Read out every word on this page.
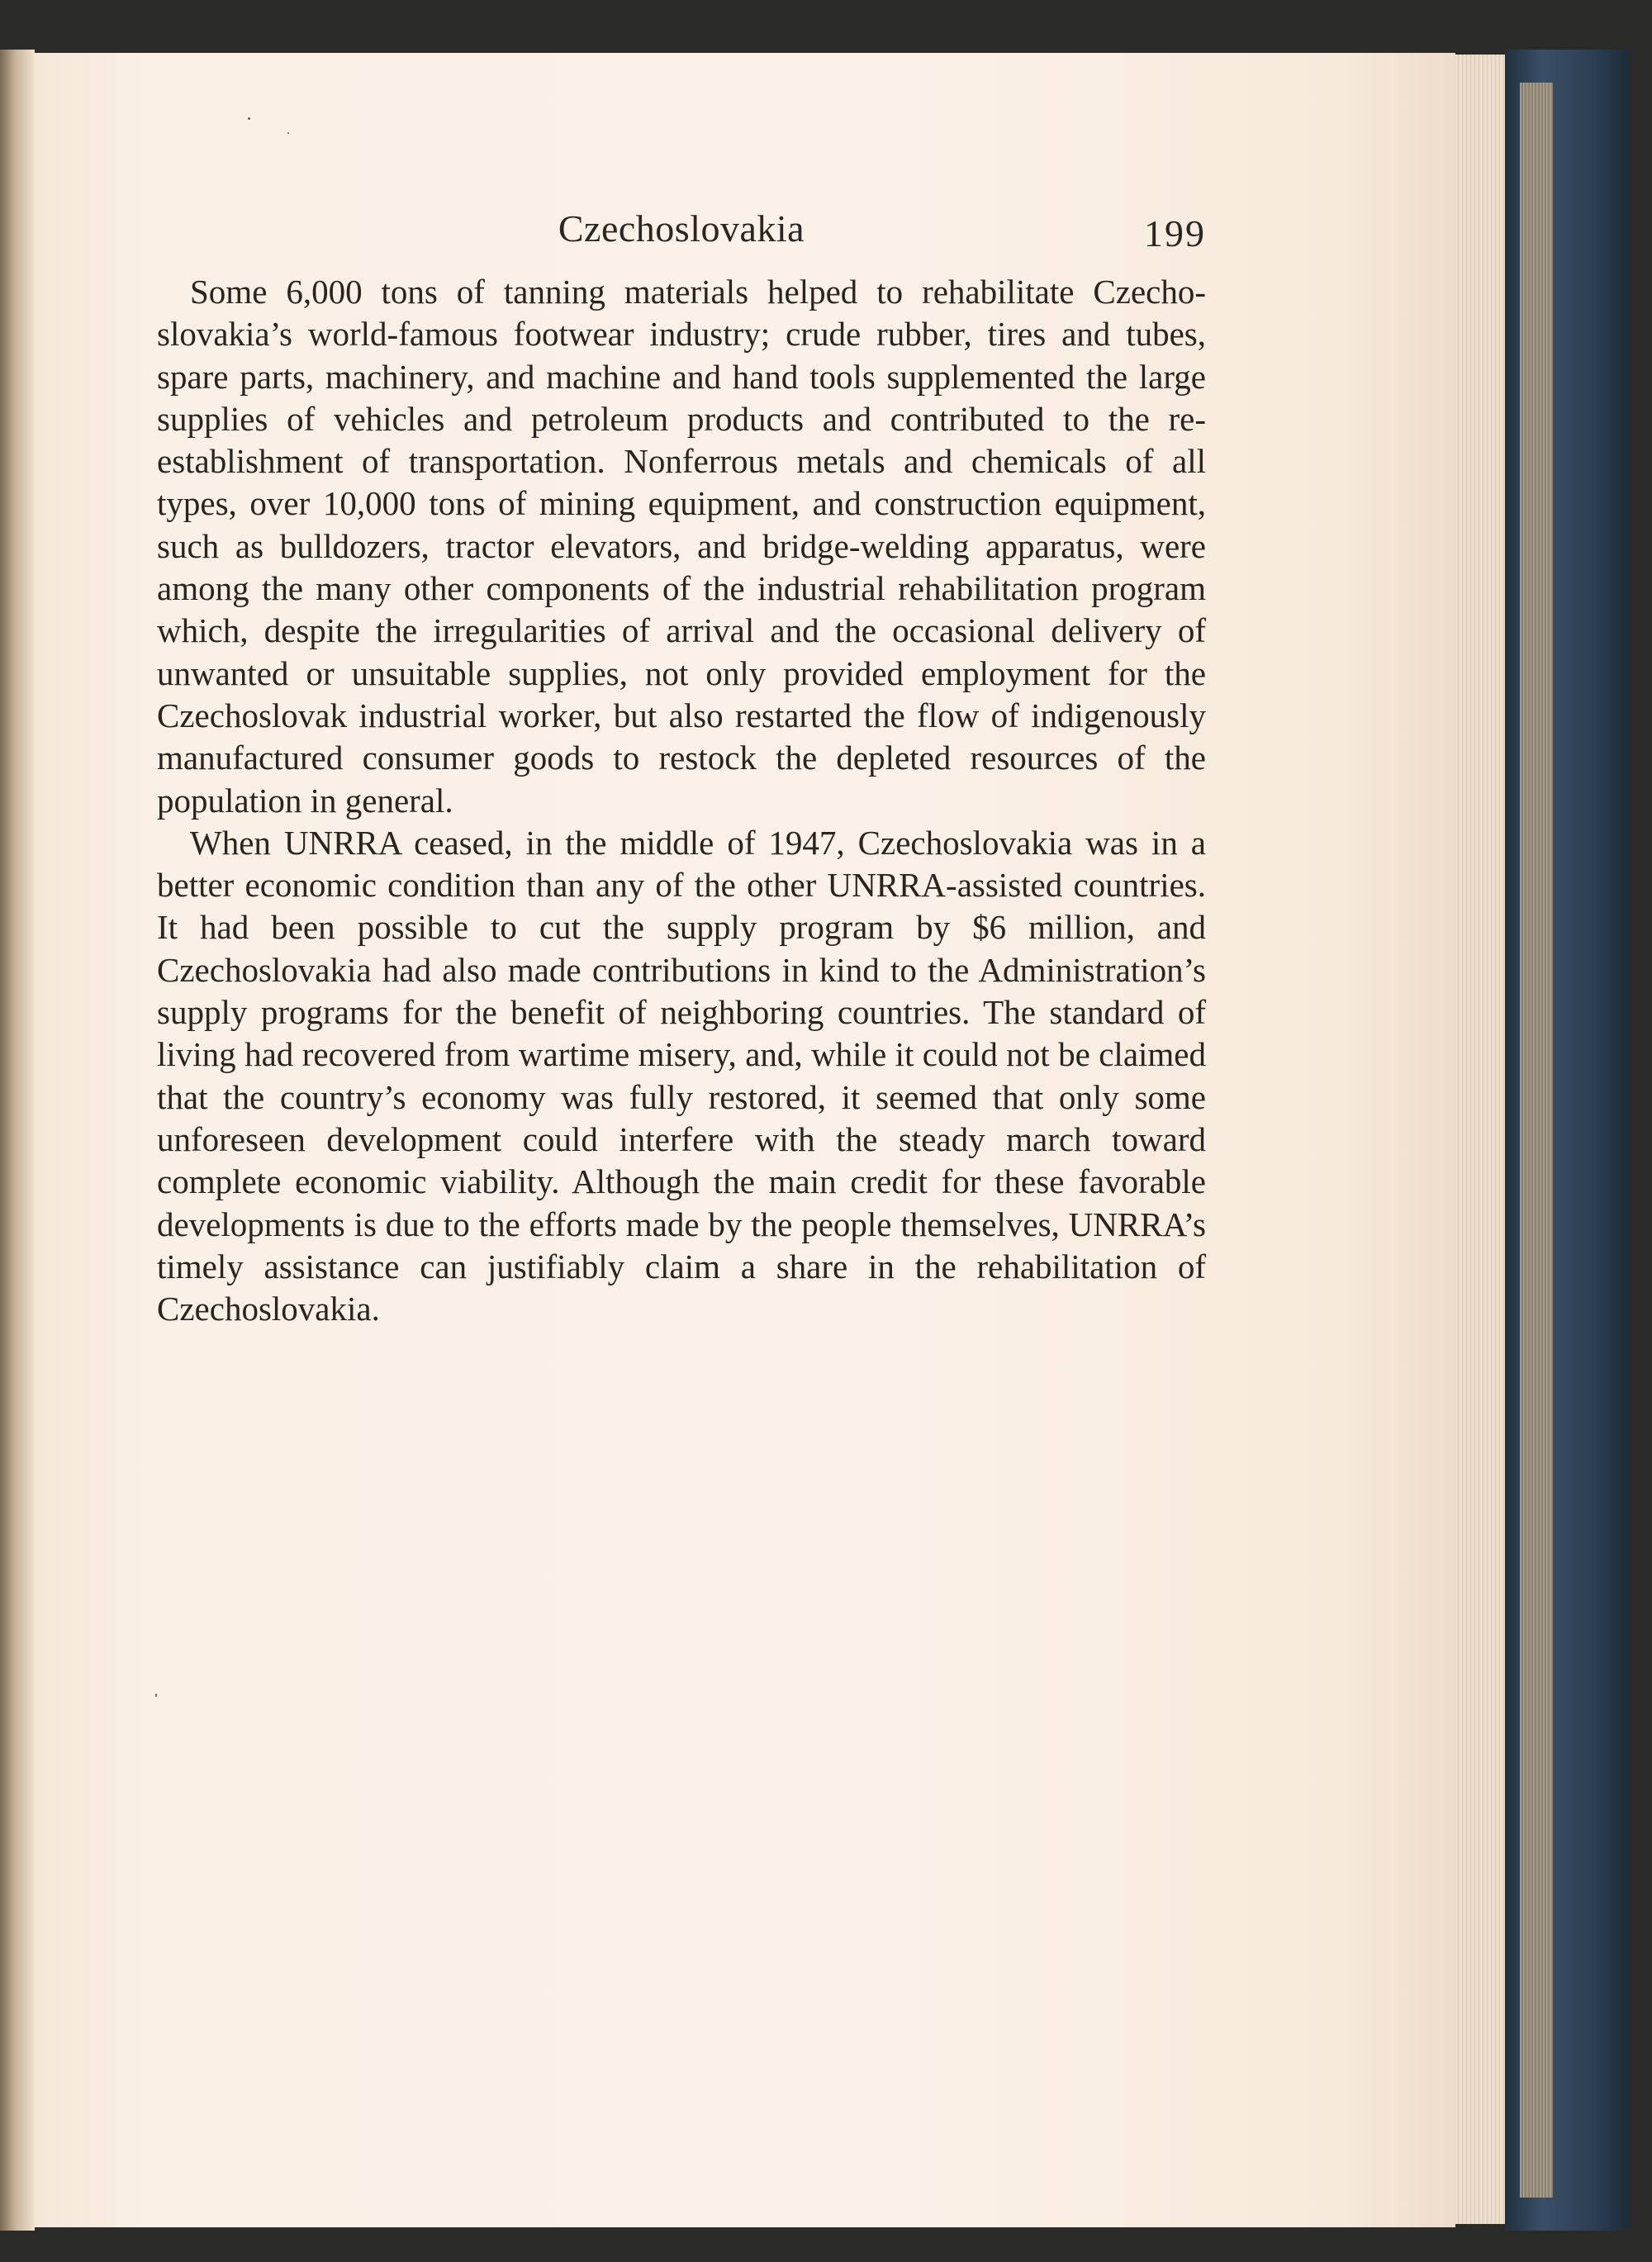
Czechoslovakia	199

Some 6,000 tons of tanning materials helped to rehabilitate Czechoslovakia’s world-famous footwear industry; crude rubber, tires and tubes, spare parts, machinery, and machine and hand tools supplemented the large supplies of vehicles and petroleum products and contributed to the re-establishment of transportation. Nonferrous metals and chemicals of all types, over 10,000 tons of mining equipment, and construction equipment, such as bulldozers, tractor elevators, and bridge-welding apparatus, were among the many other components of the industrial rehabilitation program which, despite the irregularities of arrival and the occasional delivery of unwanted or unsuitable supplies, not only provided employment for the Czechoslovak industrial worker, but also restarted the flow of indigenously manufactured consumer goods to restock the depleted resources of the population in general.

When UNRRA ceased, in the middle of 1947, Czechoslovakia was in a better economic condition than any of the other UNRRA-assisted countries. It had been possible to cut the supply program by $6 million, and Czechoslovakia had also made contributions in kind to the Administration’s supply programs for the benefit of neighboring countries. The standard of living had recovered from wartime misery, and, while it could not be claimed that the country’s economy was fully restored, it seemed that only some unforeseen development could interfere with the steady march toward complete economic viability. Although the main credit for these favorable developments is due to the efforts made by the people themselves, UNRRA’s timely assistance can justifiably claim a share in the rehabilitation of Czechoslovakia.
